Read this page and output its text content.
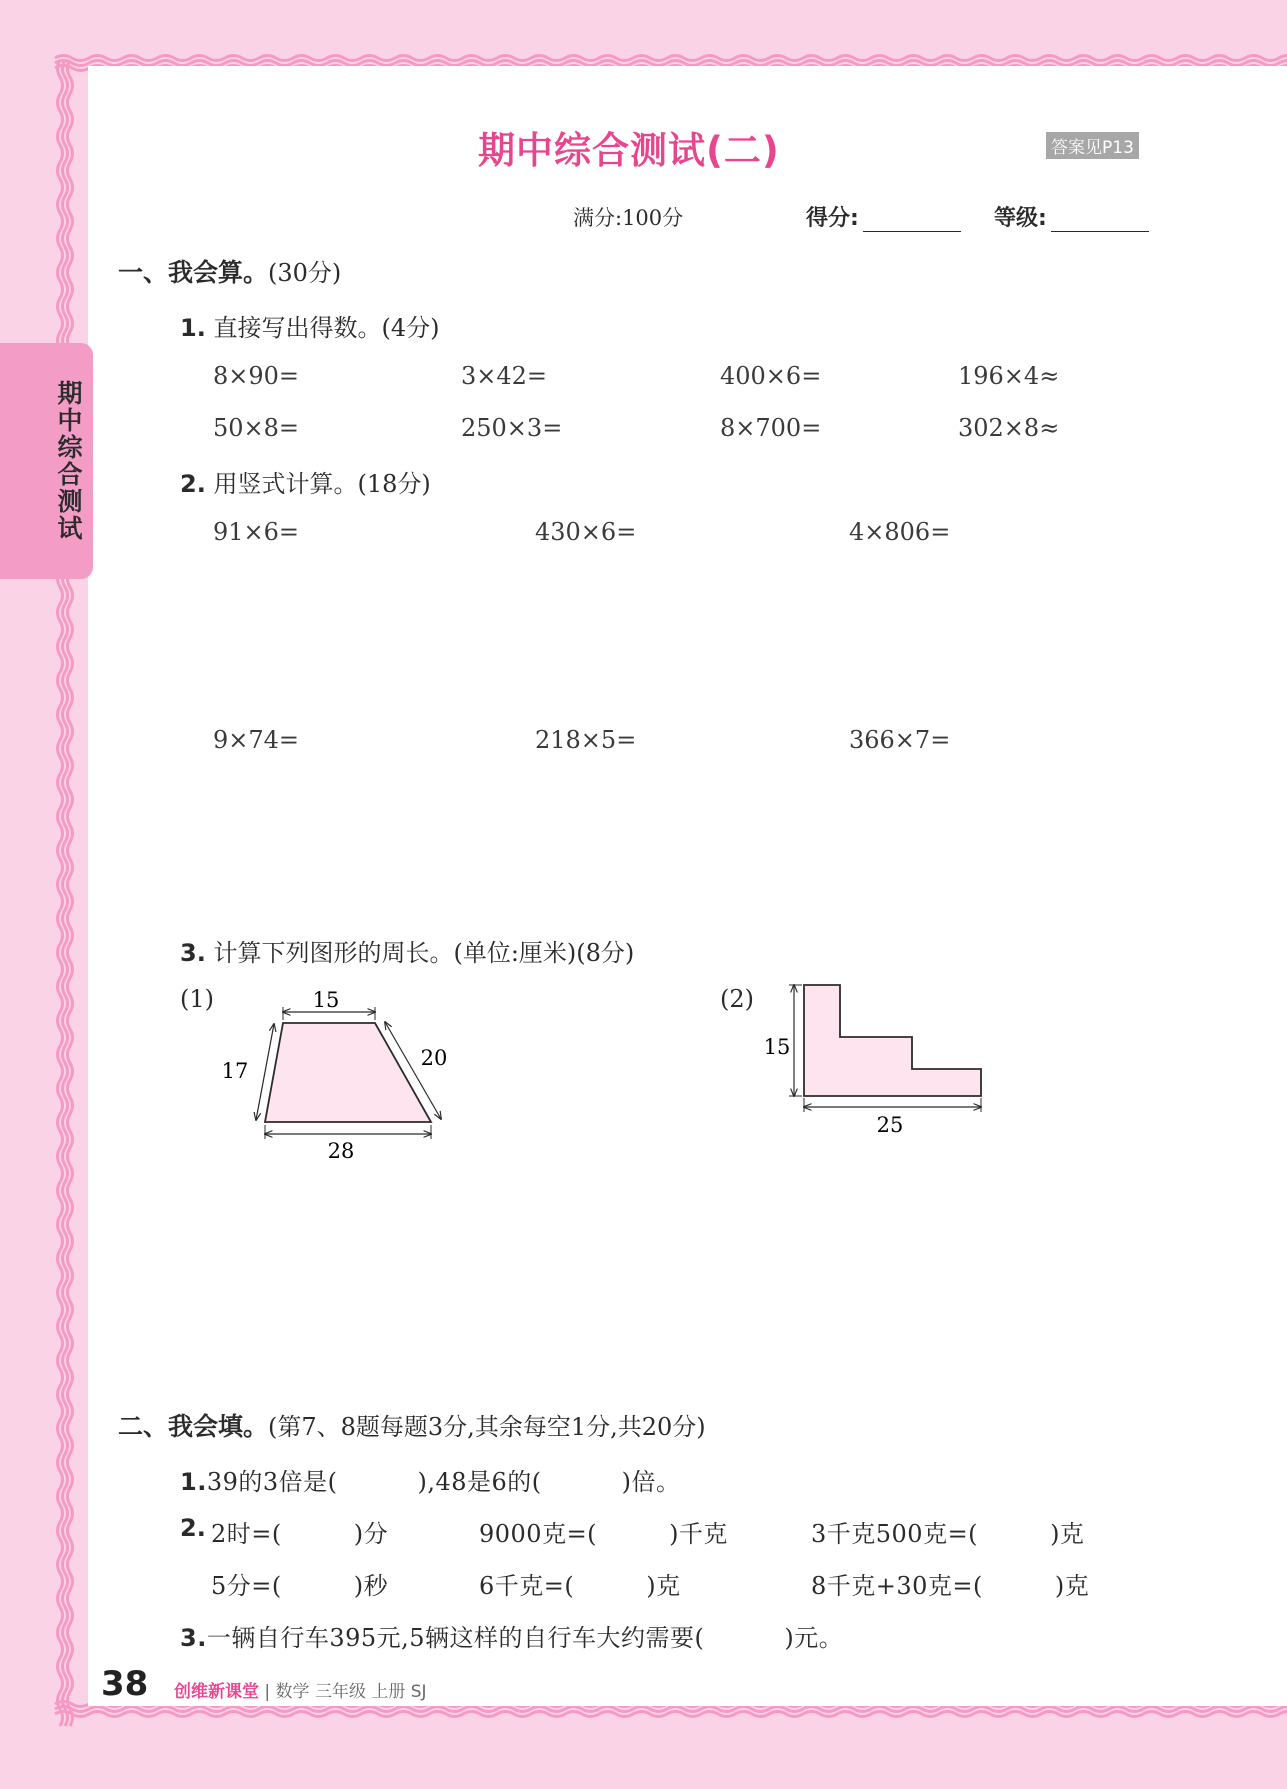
期中综合测试
期中综合测试(二)	答案见P13
满分:100分	得分:	等级:
一、我会算。(30分)
1. 直接写出得数。(4分)
8×90=	3×42=	400×6=	196×4≈
50×8=	250×3=	8×700=	302×8≈
2. 用竖式计算。(18分)
91×6=	430×6=	4×806=
9×74=	218×5=	366×7=
3. 计算下列图形的周长。(单位:厘米)(8分)
(1)	(2)
15
17
20
28
15
25
二、我会填。(第7、8题每题3分,其余每空1分,共20分)
1.39的3倍是(	),48是6的(	)倍。
2. 2时=(	)分	9000克=(	)千克	3千克500克=(	)克
5分=(	)秒	6千克=(	)克	8千克+30克=(	)克
3.一辆自行车395元,5辆这样的自行车大约需要(	)元。
38 创维新课堂 | 数学 三年级 上册 SJ
